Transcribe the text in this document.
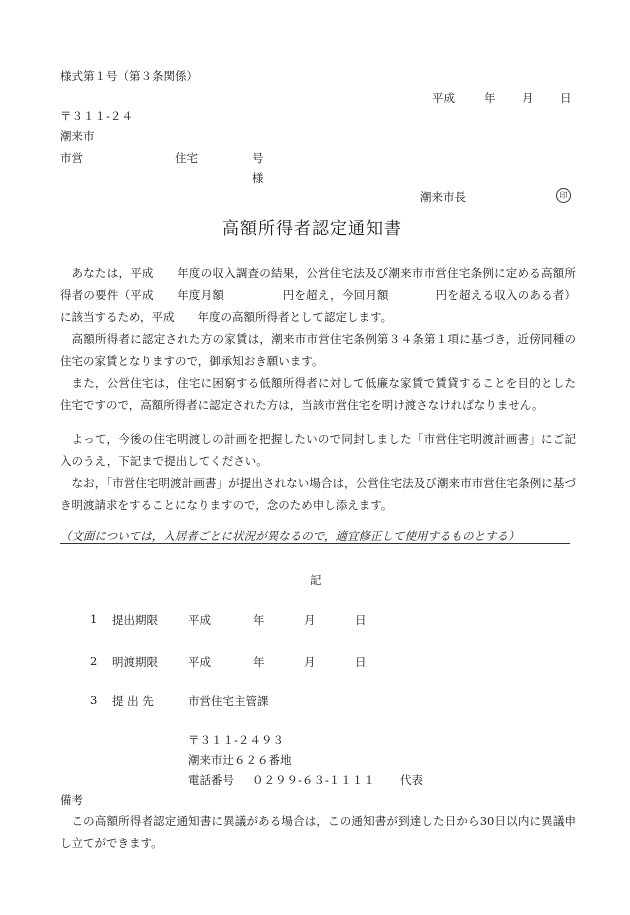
様式第１号（第３条関係）
平成	年 月 日
〒３１１-２４
潮来市
市営	住宅	号
様
潮来市長	印
高額所得者認定通知書
あなたは，平成　　年度の収入調査の結果，公営住宅法及び潮来市市営住宅条例に定める高額所得者の要件（平成　　年度月額　　　　　円を超え，今回月額　　　　円を超える収入のある者）に該当するため，平成　　年度の高額所得者として認定します。
高額所得者に認定された方の家賃は，潮来市市営住宅条例第３４条第１項に基づき，近傍同種の住宅の家賃となりますので，御承知おき願います。
また，公営住宅は，住宅に困窮する低額所得者に対して低廉な家賃で賃貸することを目的とした住宅ですので，高額所得者に認定された方は，当該市営住宅を明け渡さなければなりません。
よって，今後の住宅明渡しの計画を把握したいので同封しました「市営住宅明渡計画書」にご記入のうえ，下記まで提出してください。
なお，「市営住宅明渡計画書」が提出されない場合は，公営住宅法及び潮来市市営住宅条例に基づき明渡請求をすることになりますので，念のため申し添えます。
（文面については，入居者ごとに状況が異なるので，適宜修正して使用するものとする）
記
1 提出期限	平成	年	月	日
2 明渡期限	平成	年	月	日
3 提 出 先	市営住宅主管課
〒３１１-２４９３
潮来市辻６２６番地
電話番号 ０２９９-６３-１１１１ 代表
備考
この高額所得者認定通知書に異議がある場合は，この通知書が到達した日から30日以内に異議申し立てができます。
